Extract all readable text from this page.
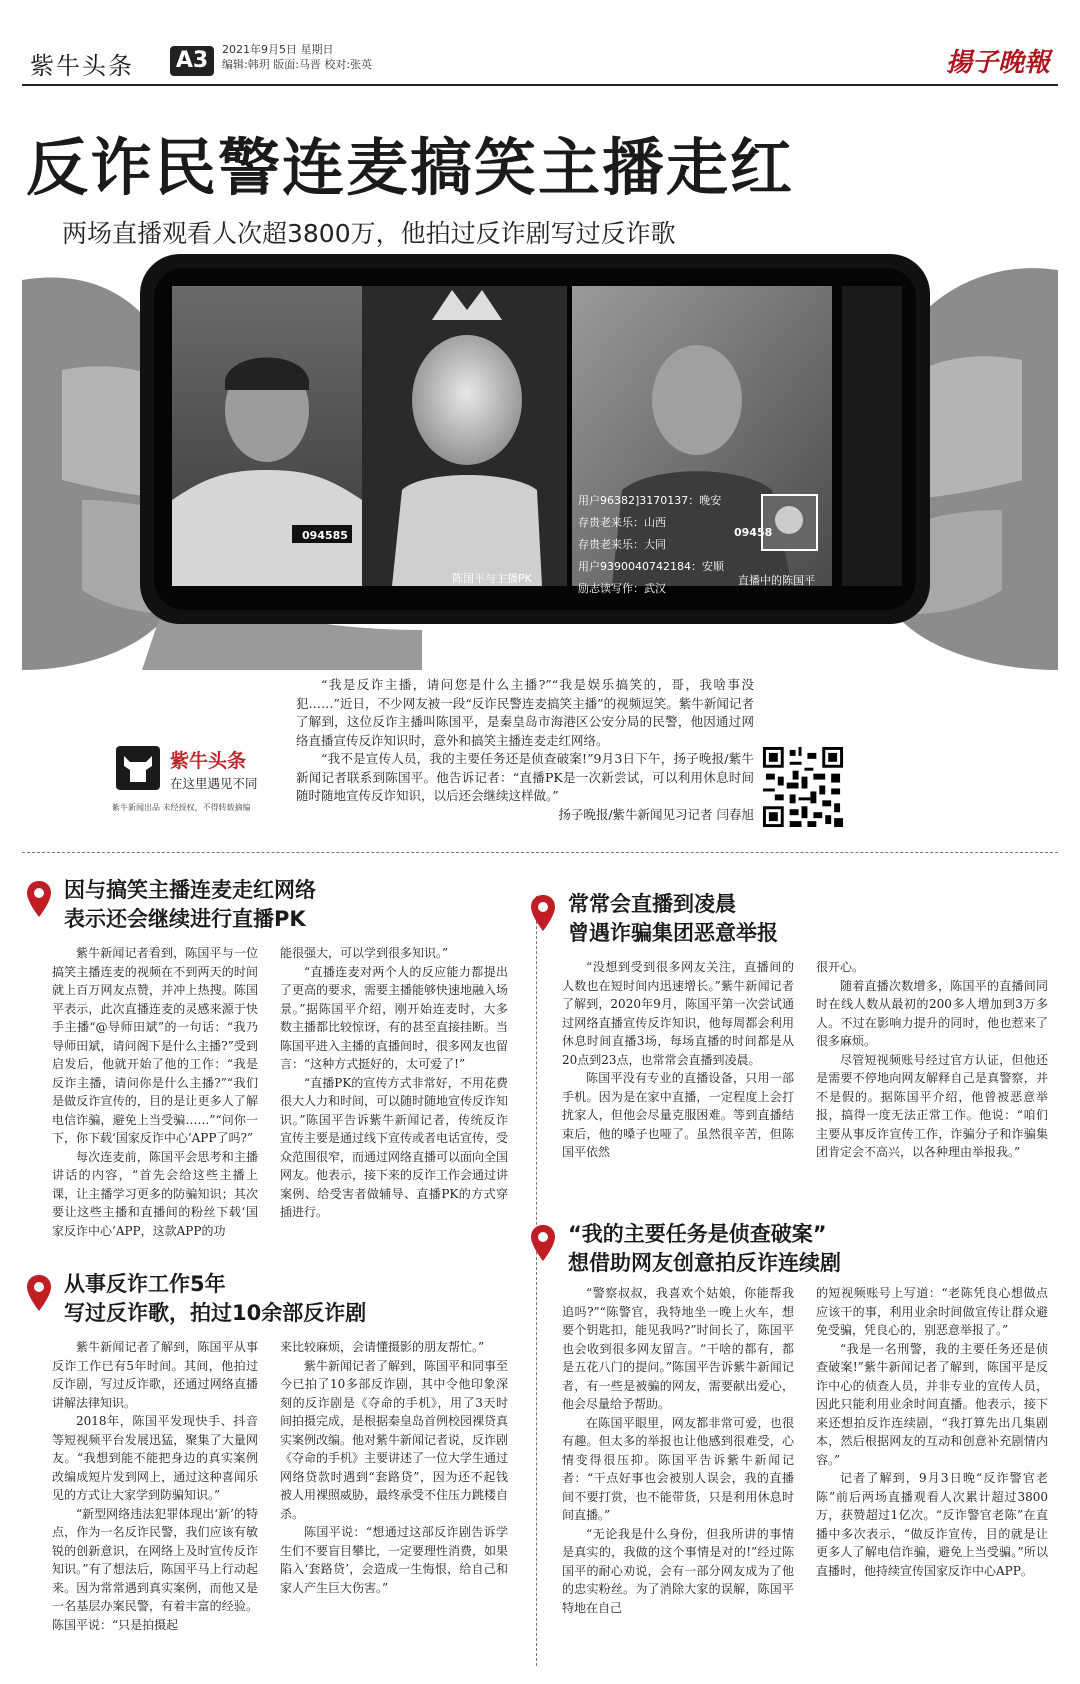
紫牛头条 A3	2021年9月5日 星期日
编辑:韩玥 版面:马晋 校对:张英	揚子晚報
反诈民警连麦搞笑主播走红
两场直播观看人次超3800万，他拍过反诈剧写过反诈歌
094585	09458
用户96382]3170137：晚安
存贵老来乐：山西
存贵老来乐：大同
用户9390040742184：安顺
励志读写作：武汉
陈国平与主播PK	直播中的陈国平
紫牛头条
在这里遇见不同
紫牛新闻出品 未经授权，不得转载摘编

“我是反诈主播，请问您是什么主播?”“我是娱乐搞笑的，哥，我啥事没犯……”近日，不少网友被一段“反诈民警连麦搞笑主播”的视频逗笑。紫牛新闻记者了解到，这位反诈主播叫陈国平，是秦皇岛市海港区公安分局的民警，他因通过网络直播宣传反诈知识时，意外和搞笑主播连麦走红网络。

“我不是宣传人员，我的主要任务还是侦查破案!”9月3日下午，扬子晚报/紫牛新闻记者联系到陈国平。他告诉记者：“直播PK是一次新尝试，可以利用休息时间随时随地宣传反诈知识，以后还会继续这样做。”

扬子晚报/紫牛新闻见习记者 闫春旭

因与搞笑主播连麦走红网络
表示还会继续进行直播PK

紫牛新闻记者看到，陈国平与一位搞笑主播连麦的视频在不到两天的时间就上百万网友点赞，并冲上热搜。陈国平表示，此次直播连麦的灵感来源于快手主播“@导师田斌”的一句话：“我乃导师田斌，请问阁下是什么主播?”受到启发后，他就开始了他的工作：“我是反诈主播，请问你是什么主播?”“我们是做反诈宣传的，目的是让更多人了解电信诈骗，避免上当受骗……”“问你一下，你下载‘国家反诈中心’APP了吗?”

每次连麦前，陈国平会思考和主播讲话的内容，“首先会给这些主播上课，让主播学习更多的防骗知识；其次要让这些主播和直播间的粉丝下载‘国家反诈中心’APP，这款APP的功

能很强大，可以学到很多知识。”

“直播连麦对两个人的反应能力都提出了更高的要求，需要主播能够快速地融入场景。”据陈国平介绍，刚开始连麦时，大多数主播都比较惊讶，有的甚至直接挂断。当陈国平进入主播的直播间时，很多网友也留言：“这种方式挺好的，太可爱了!”

“直播PK的宣传方式非常好，不用花费很大人力和时间，可以随时随地宣传反诈知识。”陈国平告诉紫牛新闻记者，传统反诈宣传主要是通过线下宣传或者电话宣传，受众范围很窄，而通过网络直播可以面向全国网友。他表示，接下来的反诈工作会通过讲案例、给受害者做辅导、直播PK的方式穿插进行。

从事反诈工作5年
写过反诈歌，拍过10余部反诈剧

紫牛新闻记者了解到，陈国平从事反诈工作已有5年时间。其间，他拍过反诈剧，写过反诈歌，还通过网络直播讲解法律知识。

2018年，陈国平发现快手、抖音等短视频平台发展迅猛，聚集了大量网友。“我想到能不能把身边的真实案例改编成短片发到网上，通过这种喜闻乐见的方式让大家学到防骗知识。”

“新型网络违法犯罪体现出‘新’的特点，作为一名反诈民警，我们应该有敏锐的创新意识，在网络上及时宣传反诈知识。”有了想法后，陈国平马上行动起来。因为常常遇到真实案例，而他又是一名基层办案民警，有着丰富的经验。陈国平说：“只是拍摄起

来比较麻烦，会请懂摄影的朋友帮忙。”

紫牛新闻记者了解到，陈国平和同事至今已拍了10多部反诈剧，其中令他印象深刻的反诈剧是《夺命的手机》，用了3天时间拍摄完成，是根据秦皇岛首例校园裸贷真实案例改编。他对紫牛新闻记者说，反诈剧《夺命的手机》主要讲述了一位大学生通过网络贷款时遇到“套路贷”，因为还不起钱被人用裸照威胁，最终承受不住压力跳楼自杀。

陈国平说：“想通过这部反诈剧告诉学生们不要盲目攀比，一定要理性消费，如果陷入‘套路贷’，会造成一生悔恨，给自己和家人产生巨大伤害。”

常常会直播到凌晨
曾遇诈骗集团恶意举报

“没想到受到很多网友关注，直播间的人数也在短时间内迅速增长。”紫牛新闻记者了解到，2020年9月，陈国平第一次尝试通过网络直播宣传反诈知识，他每周都会利用休息时间直播3场，每场直播的时间都是从20点到23点，也常常会直播到凌晨。

陈国平没有专业的直播设备，只用一部手机。因为是在家中直播，一定程度上会打扰家人，但他会尽量克服困难。等到直播结束后，他的嗓子也哑了。虽然很辛苦，但陈国平依然

很开心。

随着直播次数增多，陈国平的直播间同时在线人数从最初的200多人增加到3万多人。不过在影响力提升的同时，他也惹来了很多麻烦。

尽管短视频账号经过官方认证，但他还是需要不停地向网友解释自己是真警察，并不是假的。据陈国平介绍，他曾被恶意举报，搞得一度无法正常工作。他说：“咱们主要从事反诈宣传工作，诈骗分子和诈骗集团肯定会不高兴，以各种理由举报我。”

“我的主要任务是侦查破案”
想借助网友创意拍反诈连续剧

“警察叔叔，我喜欢个姑娘，你能帮我追吗?”“陈警官，我特地坐一晚上火车，想要个钥匙扣，能见我吗?”时间长了，陈国平也会收到很多网友留言。“干啥的都有，都是五花八门的提问。”陈国平告诉紫牛新闻记者，有一些是被骗的网友，需要献出爱心，他会尽量给予帮助。

在陈国平眼里，网友都非常可爱，也很有趣。但太多的举报也让他感到很难受，心情变得很压抑。陈国平告诉紫牛新闻记者：“干点好事也会被别人误会，我的直播间不要打赏，也不能带货，只是利用休息时间直播。”

“无论我是什么身份，但我所讲的事情是真实的，我做的这个事情是对的!”经过陈国平的耐心劝说，会有一部分网友成为了他的忠实粉丝。为了消除大家的误解，陈国平特地在自己

的短视频账号上写道：“老陈凭良心想做点应该干的事，利用业余时间做宣传让群众避免受骗，凭良心的，别恶意举报了。”

“我是一名刑警，我的主要任务还是侦查破案!”紫牛新闻记者了解到，陈国平是反诈中心的侦查人员，并非专业的宣传人员，因此只能利用业余时间直播。他表示，接下来还想拍反诈连续剧，“我打算先出几集剧本，然后根据网友的互动和创意补充剧情内容。”

记者了解到，9月3日晚“反诈警官老陈”前后两场直播观看人次累计超过3800万，获赞超过1亿次。“反诈警官老陈”在直播中多次表示，“做反诈宣传，目的就是让更多人了解电信诈骗，避免上当受骗。”所以直播时，他持续宣传国家反诈中心APP。
